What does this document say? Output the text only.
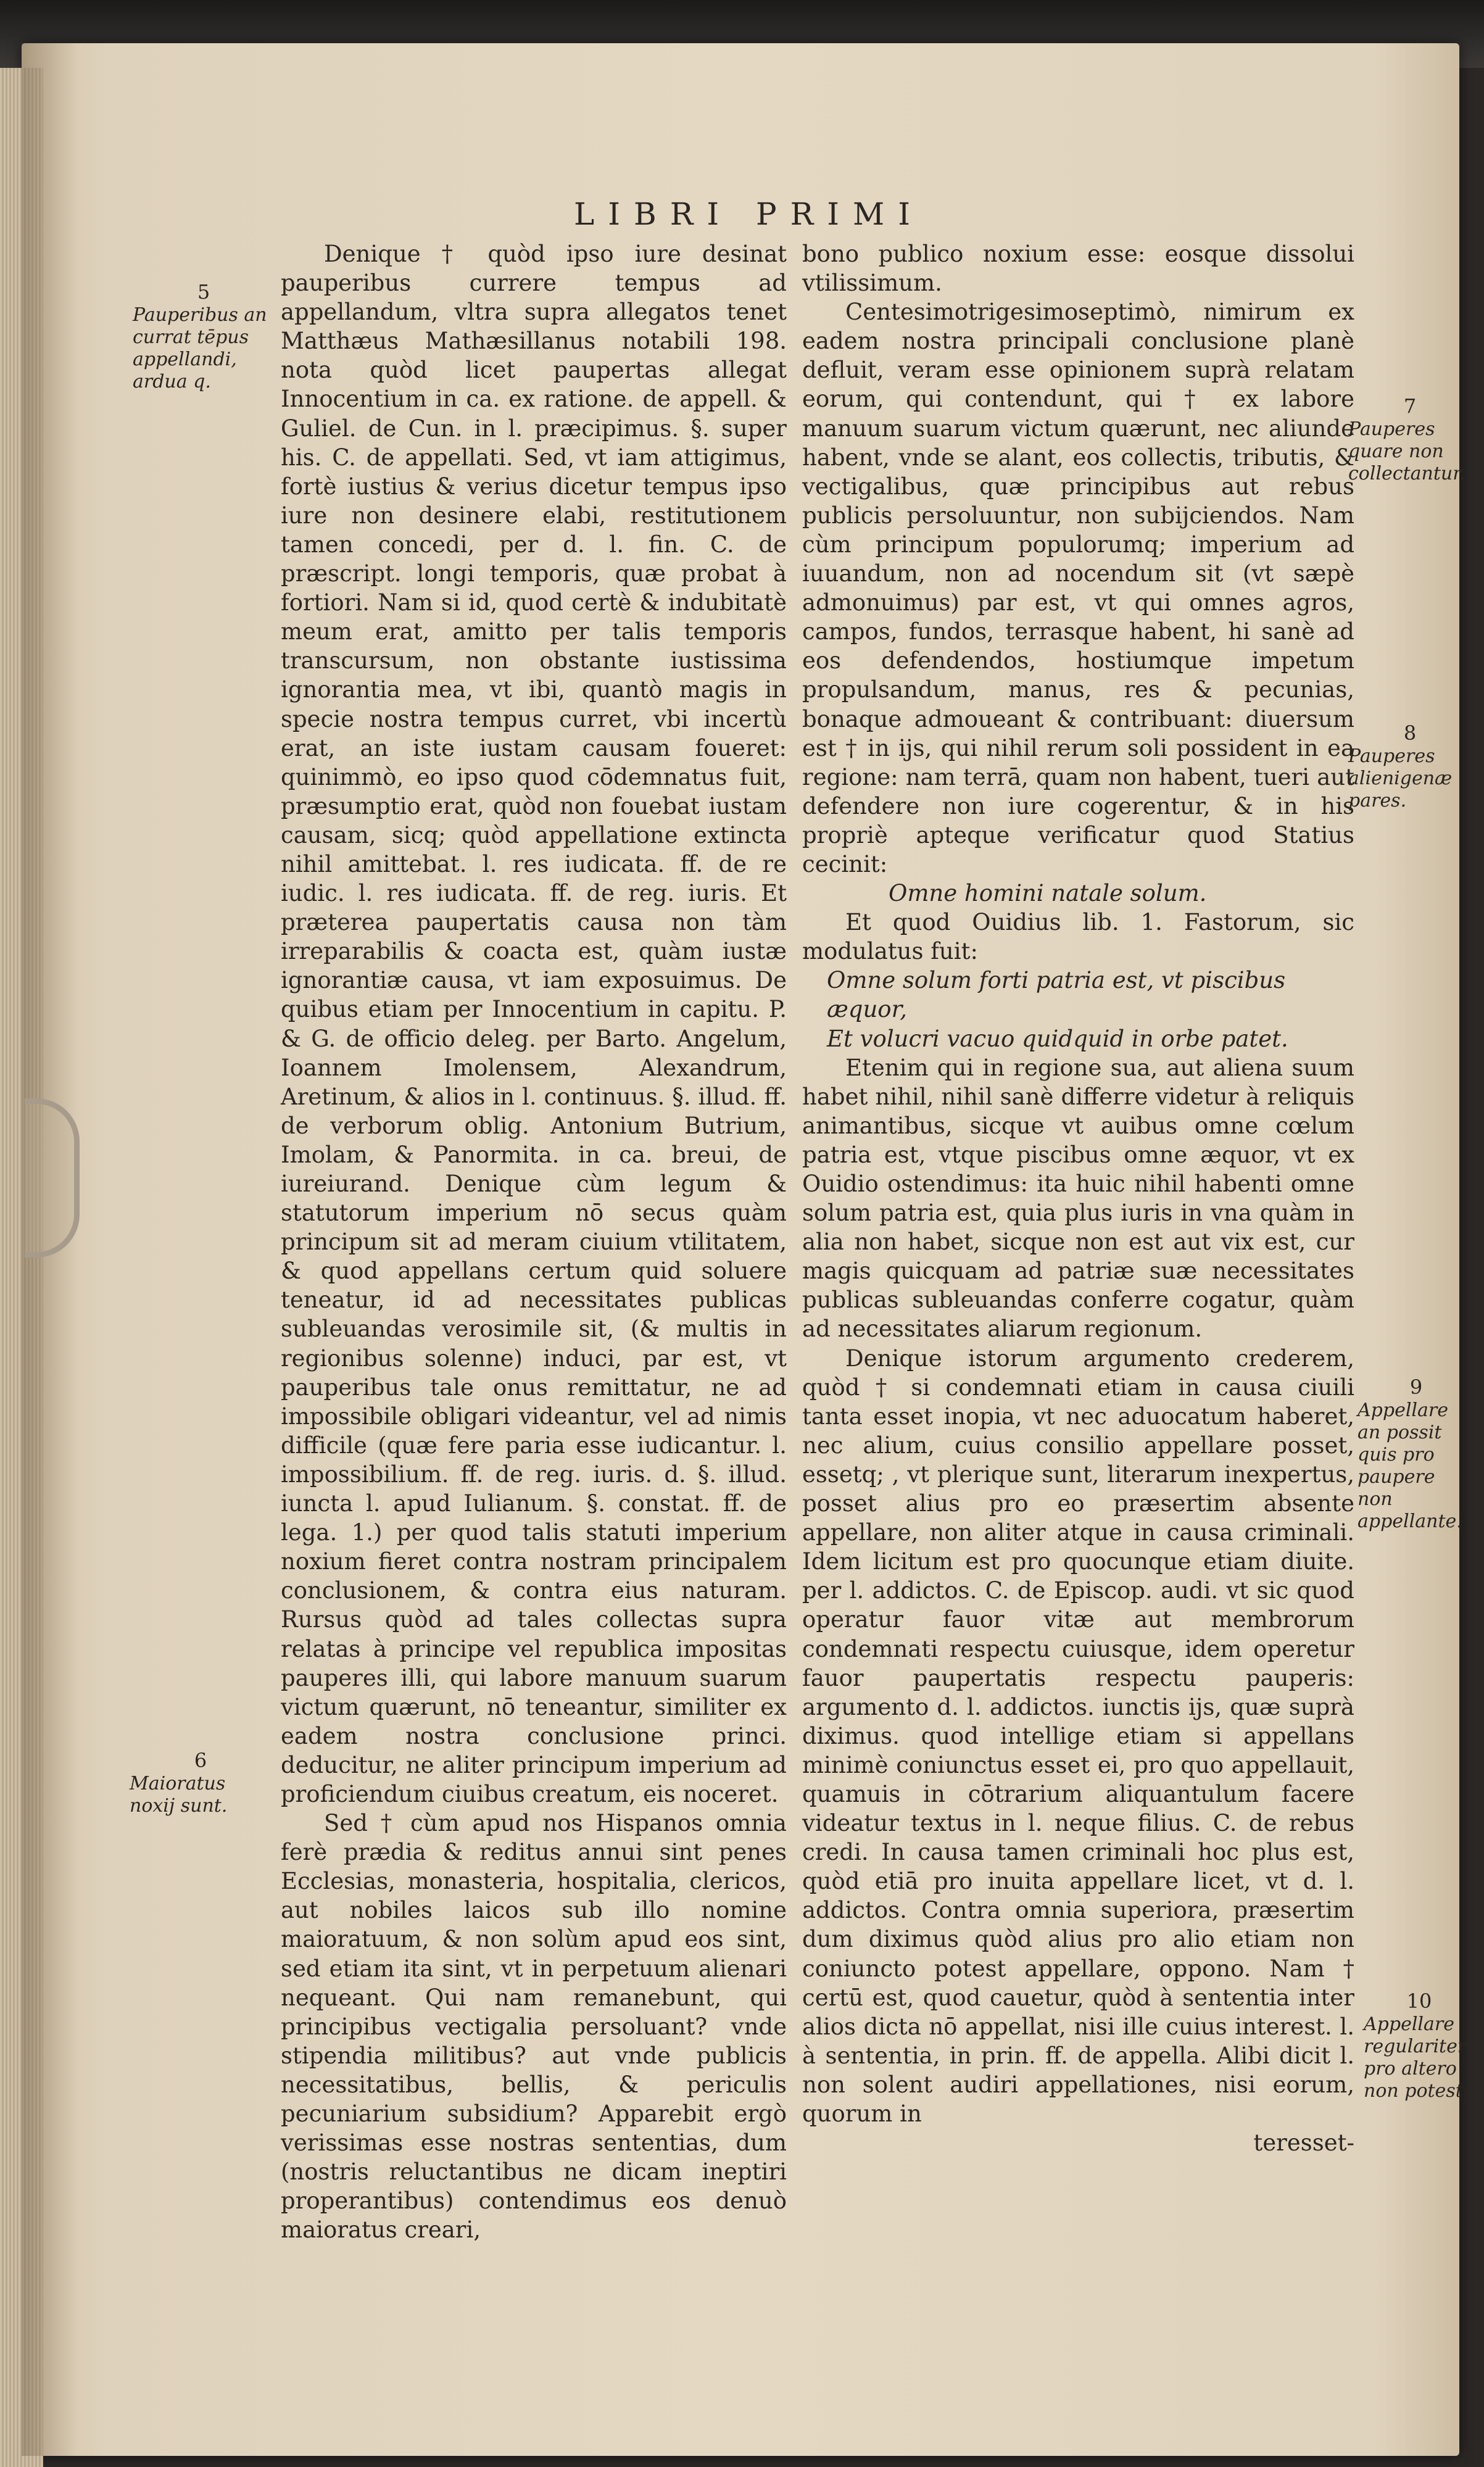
LIBRI PRIMI

Denique † quòd ipso iure desinat pauperibus currere tempus ad appellandum, vltra supra allegatos tenet Matthæus Mathæsillanus notabili 198. nota quòd licet paupertas allegat Innocentium in ca. ex ratione. de appell. & Guliel. de Cun. in l. præcipimus. §. super his. C. de appellati. Sed, vt iam attigimus, fortè iustius & verius dicetur tempus ipso iure non desinere elabi, restitutionem tamen concedi, per d. l. fin. C. de præscript. longi temporis, quæ probat à fortiori. Nam si id, quod certè & indubitatè meum erat, amitto per talis temporis transcursum, non obstante iustissima ignorantia mea, vt ibi, quantò magis in specie nostra tempus curret, vbi incertù erat, an iste iustam causam foueret: quinimmò, eo ipso quod cōdemnatus fuit, præsumptio erat, quòd non fouebat iustam causam, sicq; quòd appellatione extincta nihil amittebat. l. res iudicata. ff. de re iudic. l. res iudicata. ff. de reg. iuris. Et præterea paupertatis causa non tàm irreparabilis & coacta est, quàm iustæ ignorantiæ causa, vt iam exposuimus. De quibus etiam per Innocentium in capitu. P. & G. de officio deleg. per Barto. Angelum, Ioannem Imolensem, Alexandrum, Aretinum, & alios in l. continuus. §. illud. ff. de verborum oblig. Antonium Butrium, Imolam, & Panormita. in ca. breui, de iureiurand. Denique cùm legum & statutorum imperium nō secus quàm principum sit ad meram ciuium vtilitatem, & quod appellans certum quid soluere teneatur, id ad necessitates publicas subleuandas verosimile sit, (& multis in regionibus solenne) induci, par est, vt pauperibus tale onus remittatur, ne ad impossibile obligari videantur, vel ad nimis difficile (quæ fere paria esse iudicantur. l. impossibilium. ff. de reg. iuris. d. §. illud. iuncta l. apud Iulianum. §. constat. ff. de lega. 1.) per quod talis statuti imperium noxium fieret contra nostram principalem conclusionem, & contra eius naturam. Rursus quòd ad tales collectas supra relatas à principe vel republica impositas pauperes illi, qui labore manuum suarum victum quærunt, nō teneantur, similiter ex eadem nostra conclusione princi. deducitur, ne aliter principum imperium ad proficiendum ciuibus creatum, eis noceret.

Sed † cùm apud nos Hispanos omnia ferè prædia & reditus annui sint penes Ecclesias, monasteria, hospitalia, clericos, aut nobiles laicos sub illo nomine maioratuum, & non solùm apud eos sint, sed etiam ita sint, vt in perpetuum alienari nequeant. Qui nam remanebunt, qui principibus vectigalia persoluant? vnde stipendia militibus? aut vnde publicis necessitatibus, bellis, & periculis pecuniarium subsidium? Apparebit ergò verissimas esse nostras sententias, dum (nostris reluctantibus ne dicam ineptiri properantibus) contendimus eos denuò maioratus creari,

bono publico noxium esse: eosque dissolui vtilissimum.

Centesimotrigesimoseptimò, nimirum ex eadem nostra principali conclusione planè defluit, veram esse opinionem suprà relatam eorum, qui contendunt, qui † ex labore manuum suarum victum quærunt, nec aliunde habent, vnde se alant, eos collectis, tributis, & vectigalibus, quæ principibus aut rebus publicis persoluuntur, non subijciendos. Nam cùm principum populorumq; imperium ad iuuandum, non ad nocendum sit (vt sæpè admonuimus) par est, vt qui omnes agros, campos, fundos, terrasque habent, hi sanè ad eos defendendos, hostiumque impetum propulsandum, manus, res & pecunias, bonaque admoueant & contribuant: diuersum est † in ijs, qui nihil rerum soli possident in ea regione: nam terrā, quam non habent, tueri aut defendere non iure cogerentur, & in his propriè apteque verificatur quod Statius cecinit:

Omne homini natale solum.

Et quod Ouidius lib. 1. Fastorum, sic modulatus fuit:

Omne solum forti patria est, vt piscibus æquor,

Et volucri vacuo quidquid in orbe patet.

Etenim qui in regione sua, aut aliena suum habet nihil, nihil sanè differre videtur à reliquis animantibus, sicque vt auibus omne cœlum patria est, vtque piscibus omne æquor, vt ex Ouidio ostendimus: ita huic nihil habenti omne solum patria est, quia plus iuris in vna quàm in alia non habet, sicque non est aut vix est, cur magis quicquam ad patriæ suæ necessitates publicas subleuandas conferre cogatur, quàm ad necessitates aliarum regionum.

Denique istorum argumento crederem, quòd † si condemnati etiam in causa ciuili tanta esset inopia, vt nec aduocatum haberet, nec alium, cuius consilio appellare posset, essetq; , vt plerique sunt, literarum inexpertus, posset alius pro eo præsertim absente appellare, non aliter atque in causa criminali. Idem licitum est pro quocunque etiam diuite. per l. addictos. C. de Episcop. audi. vt sic quod operatur fauor vitæ aut membrorum condemnati respectu cuiusque, idem operetur fauor paupertatis respectu pauperis: argumento d. l. addictos. iunctis ijs, quæ suprà diximus. quod intellige etiam si appellans minimè coniunctus esset ei, pro quo appellauit, quamuis in cōtrarium aliquantulum facere videatur textus in l. neque filius. C. de rebus credi. In causa tamen criminali hoc plus est, quòd etiā pro inuita appellare licet, vt d. l. addictos. Contra omnia superiora, præsertim dum diximus quòd alius pro alio etiam non coniuncto potest appellare, oppono. Nam † certū est, quod cauetur, quòd à sententia inter alios dicta nō appellat, nisi ille cuius interest. l. à sententia, in prin. ff. de appella. Alibi dicit l. non solent audiri appellationes, nisi eorum, quorum in

teresset-

5
Pauperibus an currat tēpus appellandi, ardua q.
6
Maioratus noxij sunt.
7
Pauperes quare non collectantur.
8
Pauperes alienigenæ pares.
9
Appellare an possit quis pro paupere non appellante.
10
Appellare regulariter pro altero non potest.
